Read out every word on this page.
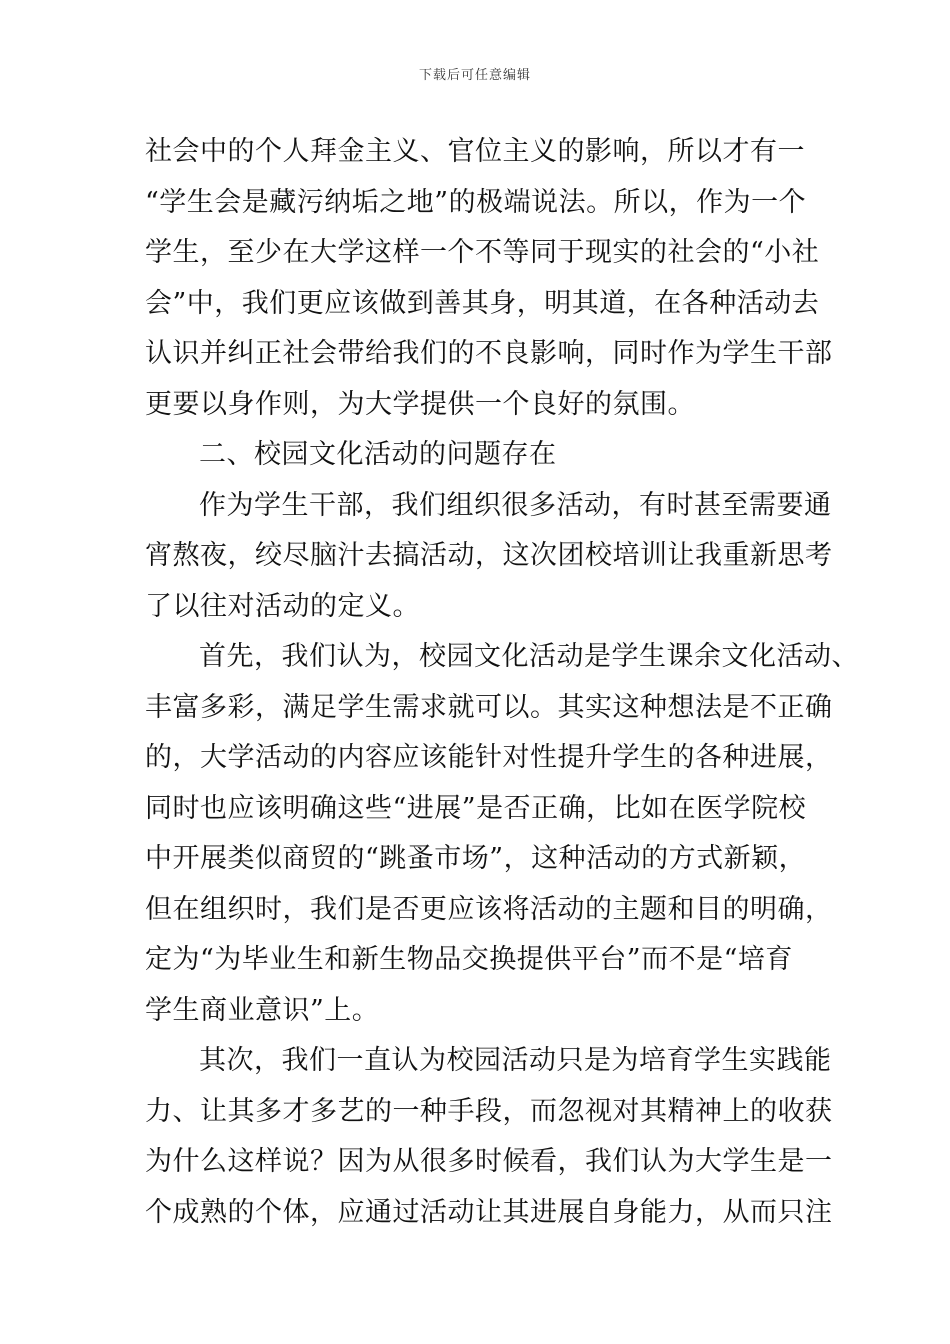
下载后可任意编辑
社会中的个人拜金主义、官位主义的影响，所以才有一
“学生会是藏污纳垢之地”的极端说法。所以，作为一个
学生，至少在大学这样一个不等同于现实的社会的“小社
会”中，我们更应该做到善其身，明其道，在各种活动去
认识并纠正社会带给我们的不良影响，同时作为学生干部
更要以身作则，为大学提供一个良好的氛围。
二、校园文化活动的问题存在
作为学生干部，我们组织很多活动，有时甚至需要通
宵熬夜，绞尽脑汁去搞活动，这次团校培训让我重新思考
了以往对活动的定义。
首先，我们认为，校园文化活动是学生课余文化活动、
丰富多彩，满足学生需求就可以。其实这种想法是不正确
的，大学活动的内容应该能针对性提升学生的各种进展，
同时也应该明确这些“进展”是否正确，比如在医学院校
中开展类似商贸的“跳蚤市场”，这种活动的方式新颖，
但在组织时，我们是否更应该将活动的主题和目的明确，
定为“为毕业生和新生物品交换提供平台”而不是“培育
学生商业意识”上。
其次，我们一直认为校园活动只是为培育学生实践能
力、让其多才多艺的一种手段，而忽视对其精神上的收获
为什么这样说？因为从很多时候看，我们认为大学生是一
个成熟的个体，应通过活动让其进展自身能力，从而只注
